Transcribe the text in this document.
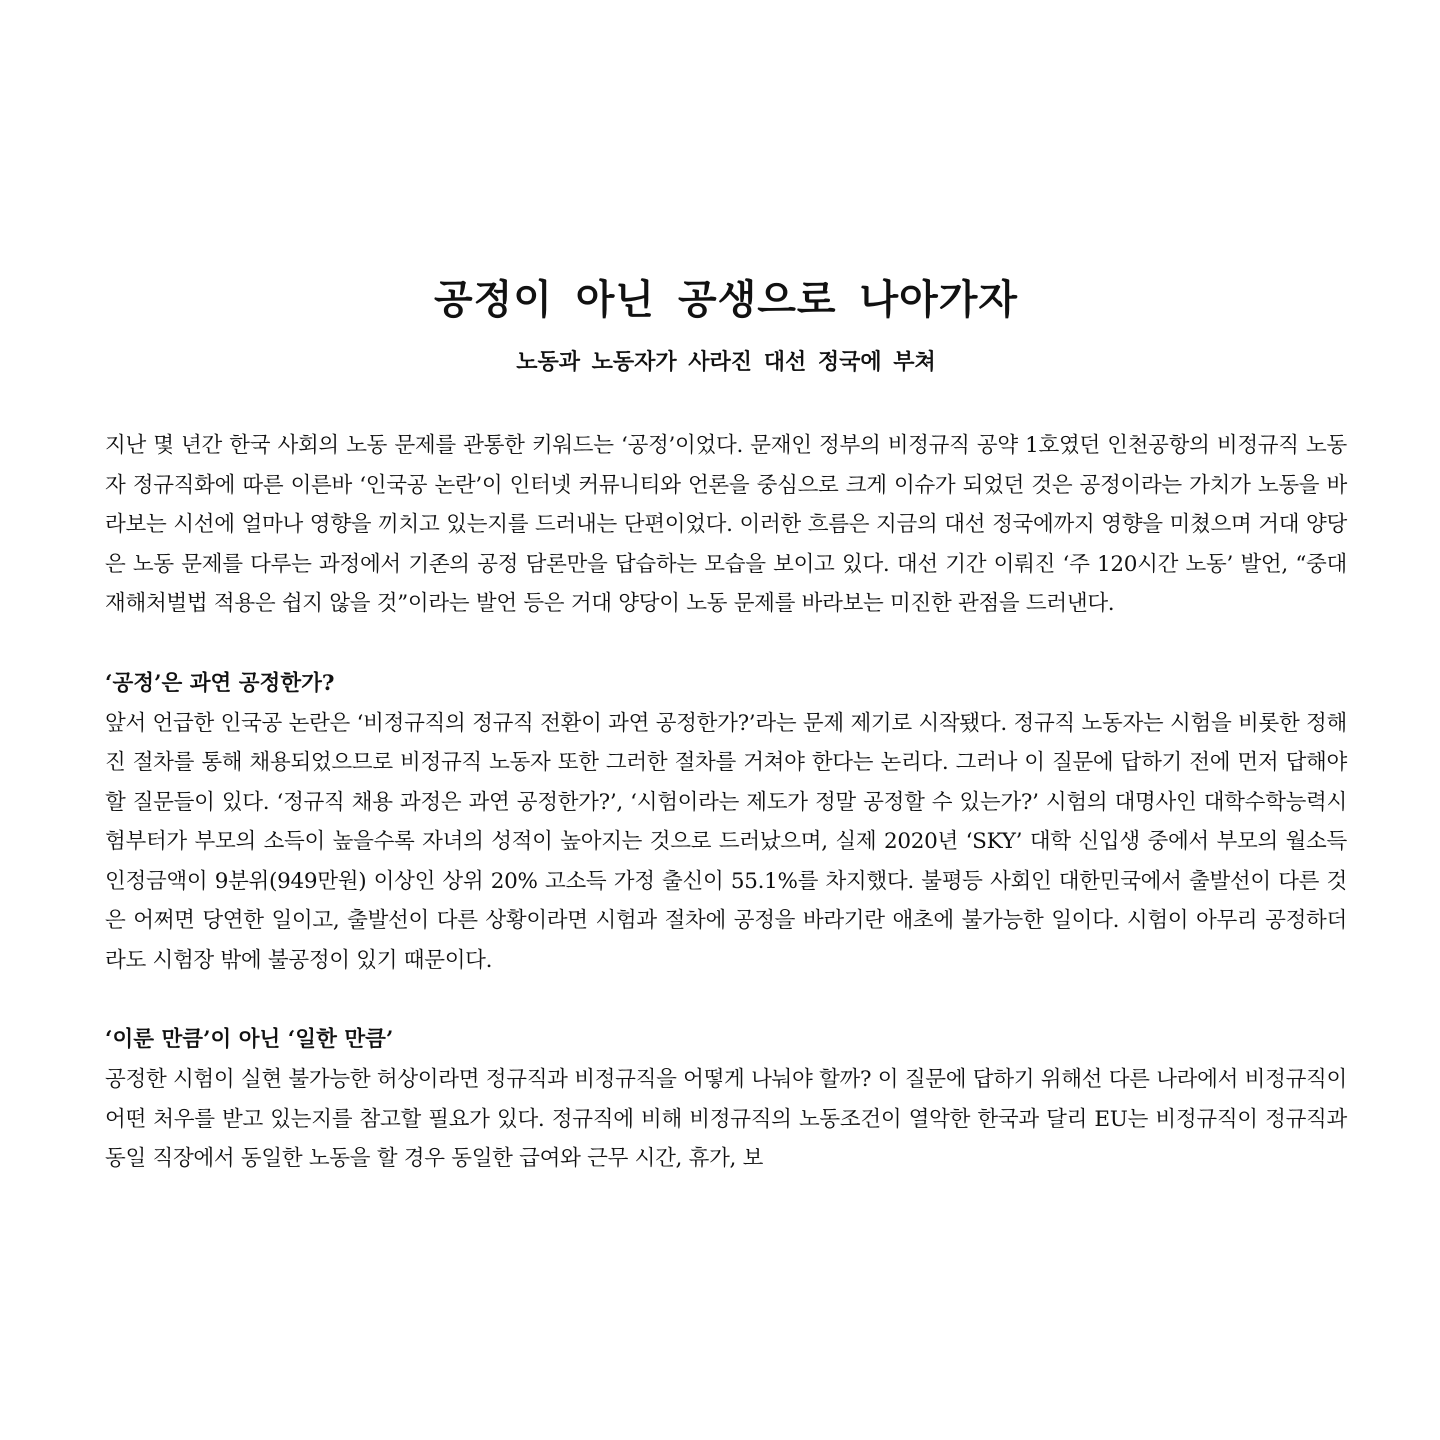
공정이 아닌 공생으로 나아가자
노동과 노동자가 사라진 대선 정국에 부쳐

지난 몇 년간 한국 사회의 노동 문제를 관통한 키워드는 ‘공정’이었다. 문재인 정부의 비정규직 공약 1호였던 인천공항의 비정규직 노동자 정규직화에 따른 이른바 ‘인국공 논란’이 인터넷 커뮤니티와 언론을 중심으로 크게 이슈가 되었던 것은 공정이라는 가치가 노동을 바라보는 시선에 얼마나 영향을 끼치고 있는지를 드러내는 단편이었다. 이러한 흐름은 지금의 대선 정국에까지 영향을 미쳤으며 거대 양당은 노동 문제를 다루는 과정에서 기존의 공정 담론만을 답습하는 모습을 보이고 있다. 대선 기간 이뤄진 ‘주 120시간 노동’ 발언, “중대재해처벌법 적용은 쉽지 않을 것”이라는 발언 등은 거대 양당이 노동 문제를 바라보는 미진한 관점을 드러낸다.

‘공정’은 과연 공정한가?

앞서 언급한 인국공 논란은 ‘비정규직의 정규직 전환이 과연 공정한가?’라는 문제 제기로 시작됐다. 정규직 노동자는 시험을 비롯한 정해진 절차를 통해 채용되었으므로 비정규직 노동자 또한 그러한 절차를 거쳐야 한다는 논리다. 그러나 이 질문에 답하기 전에 먼저 답해야 할 질문들이 있다. ‘정규직 채용 과정은 과연 공정한가?’, ‘시험이라는 제도가 정말 공정할 수 있는가?’ 시험의 대명사인 대학수학능력시험부터가 부모의 소득이 높을수록 자녀의 성적이 높아지는 것으로 드러났으며, 실제 2020년 ‘SKY’ 대학 신입생 중에서 부모의 월소득 인정금액이 9분위(949만원) 이상인 상위 20% 고소득 가정 출신이 55.1%를 차지했다. 불평등 사회인 대한민국에서 출발선이 다른 것은 어쩌면 당연한 일이고, 출발선이 다른 상황이라면 시험과 절차에 공정을 바라기란 애초에 불가능한 일이다. 시험이 아무리 공정하더라도 시험장 밖에 불공정이 있기 때문이다.

‘이룬 만큼’이 아닌 ‘일한 만큼’

공정한 시험이 실현 불가능한 허상이라면 정규직과 비정규직을 어떻게 나눠야 할까? 이 질문에 답하기 위해선 다른 나라에서 비정규직이 어떤 처우를 받고 있는지를 참고할 필요가 있다. 정규직에 비해 비정규직의 노동조건이 열악한 한국과 달리 EU는 비정규직이 정규직과 동일 직장에서 동일한 노동을 할 경우 동일한 급여와 근무 시간, 휴가, 보
